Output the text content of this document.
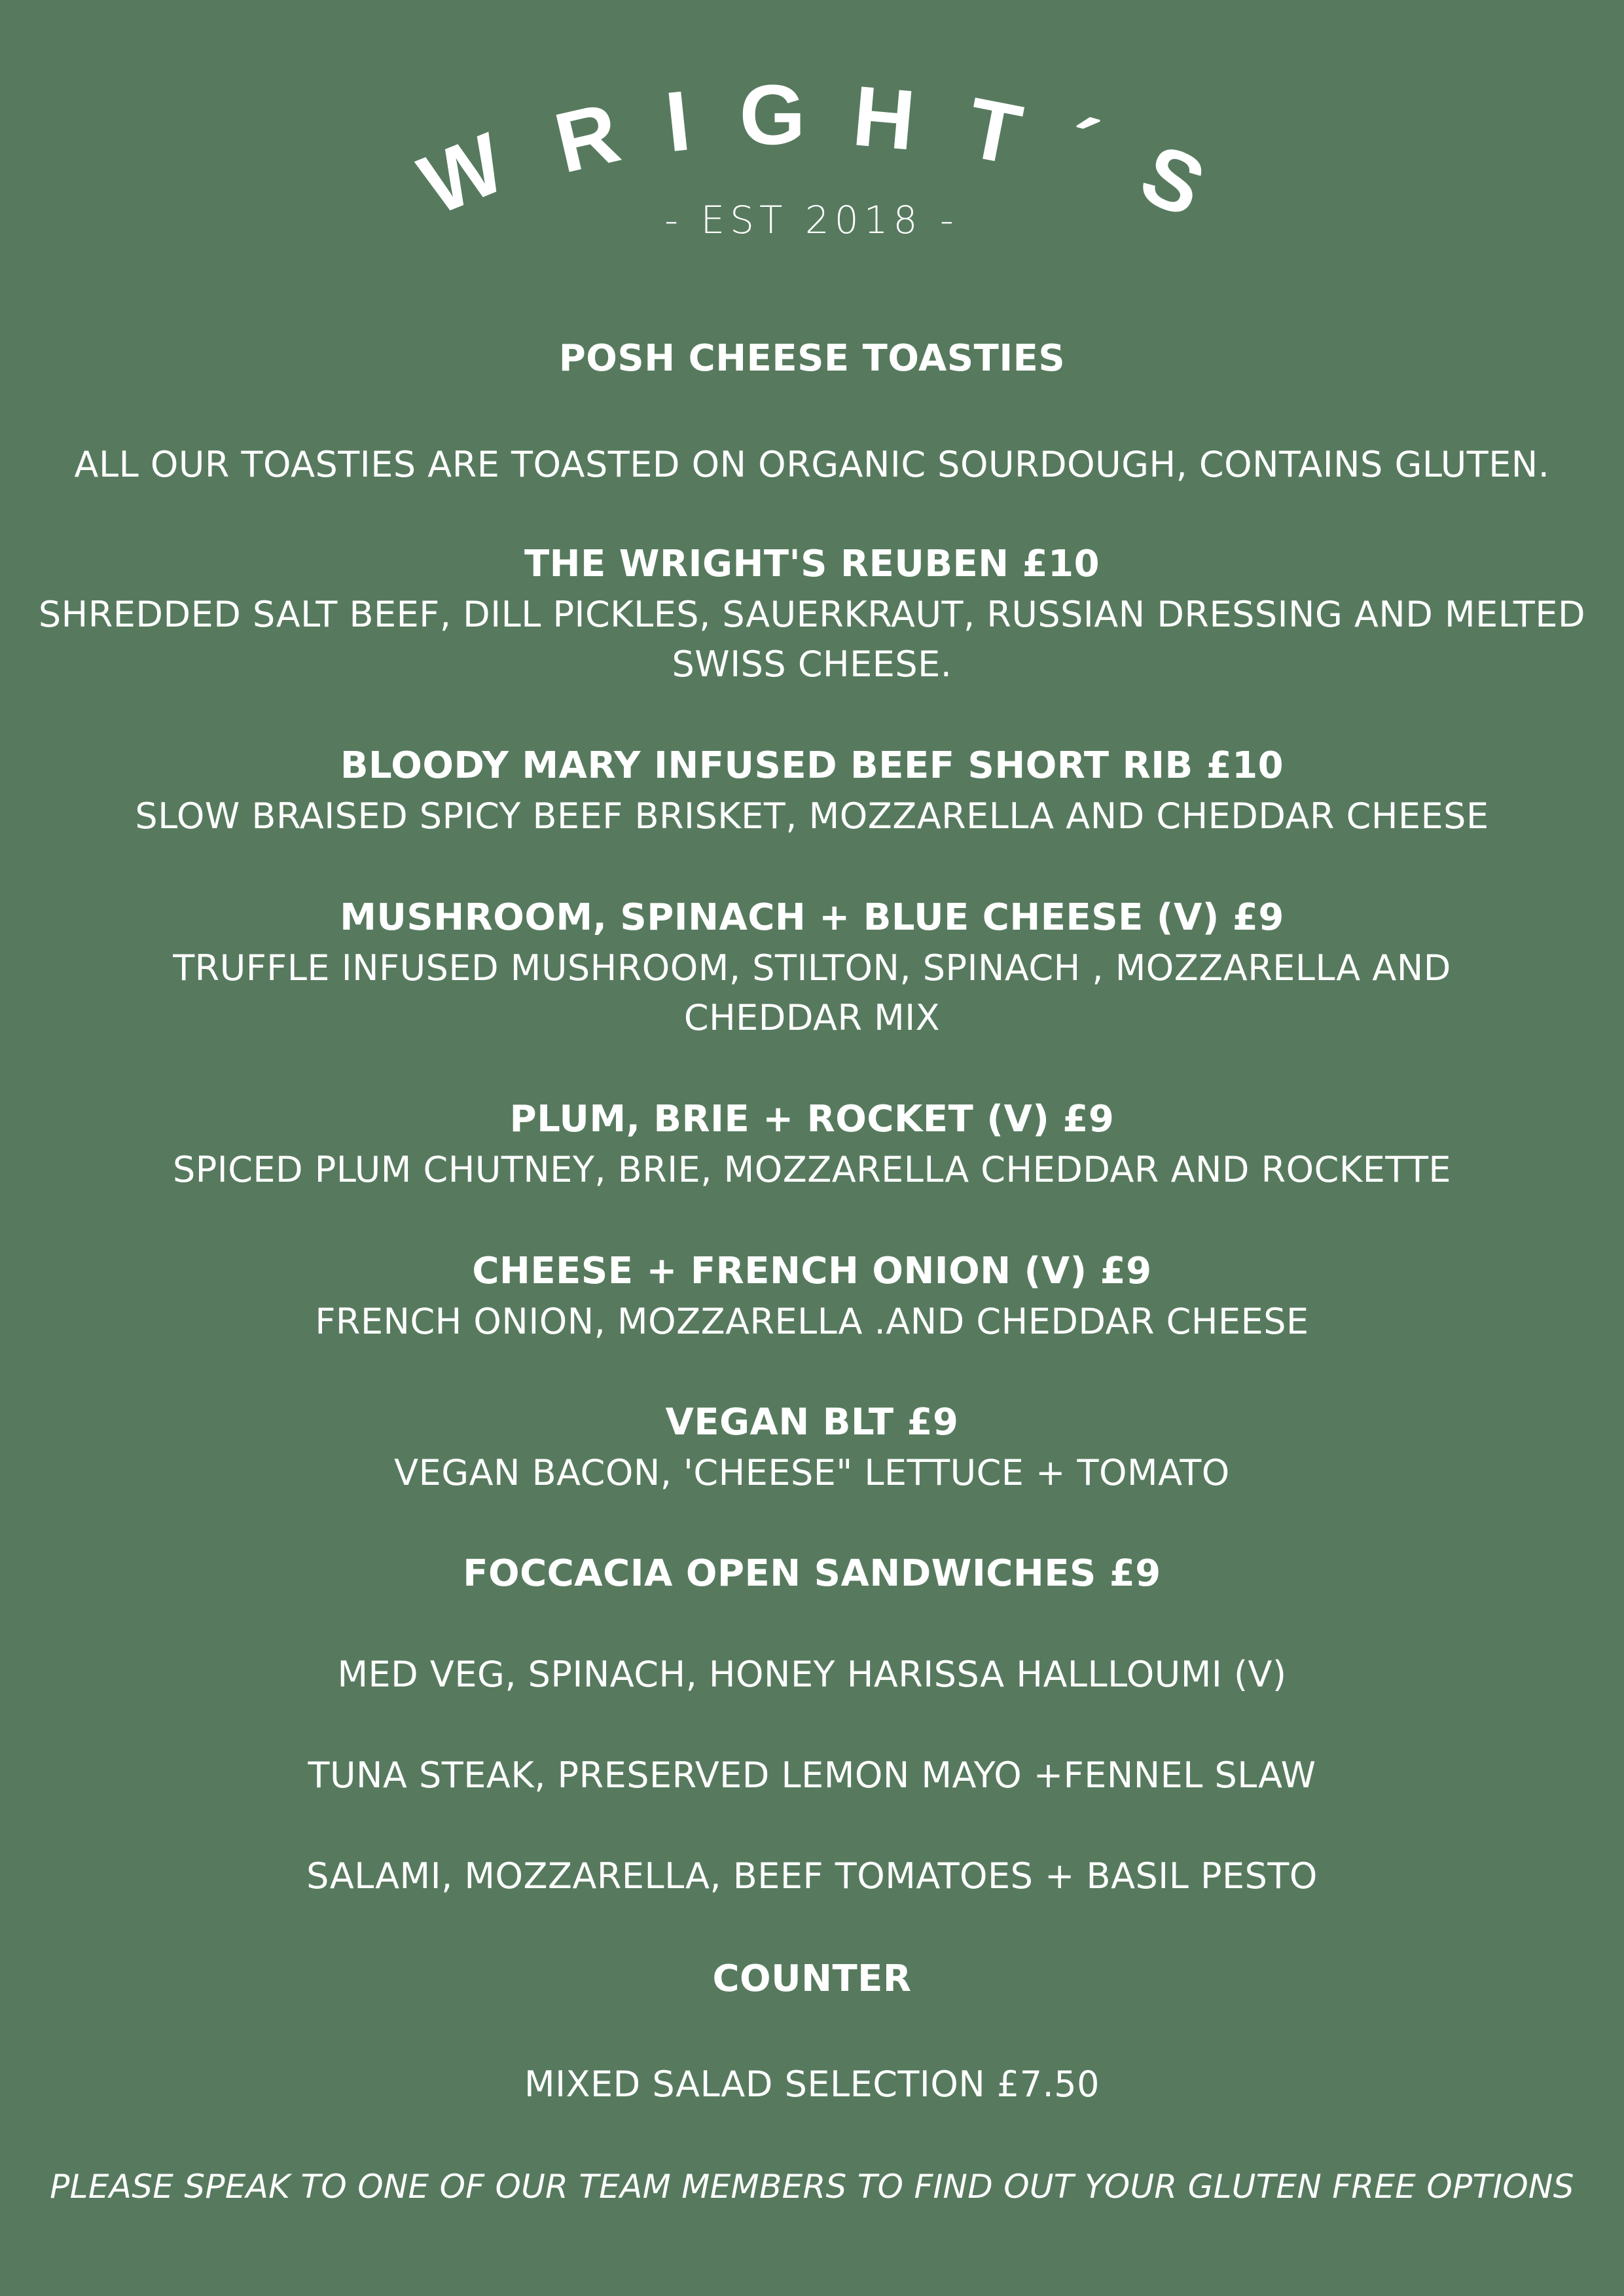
W R I G H T ´ S
- EST 2018 -
POSH CHEESE TOASTIES
ALL OUR TOASTIES ARE TOASTED ON ORGANIC SOURDOUGH, CONTAINS GLUTEN.
THE WRIGHT'S REUBEN £10
SHREDDED SALT BEEF, DILL PICKLES, SAUERKRAUT, RUSSIAN DRESSING AND MELTED
SWISS CHEESE.
BLOODY MARY INFUSED BEEF SHORT RIB £10
SLOW BRAISED SPICY BEEF BRISKET, MOZZARELLA AND CHEDDAR CHEESE
MUSHROOM, SPINACH + BLUE CHEESE (V) £9
TRUFFLE INFUSED MUSHROOM, STILTON, SPINACH , MOZZARELLA AND
CHEDDAR MIX
PLUM, BRIE + ROCKET (V) £9
SPICED PLUM CHUTNEY, BRIE, MOZZARELLA CHEDDAR AND ROCKETTE
CHEESE + FRENCH ONION (V) £9
FRENCH ONION, MOZZARELLA .AND CHEDDAR CHEESE
VEGAN BLT £9
VEGAN BACON, 'CHEESE" LETTUCE + TOMATO
FOCCACIA OPEN SANDWICHES £9
MED VEG, SPINACH, HONEY HARISSA HALLLOUMI (V)
TUNA STEAK, PRESERVED LEMON MAYO +FENNEL SLAW
SALAMI, MOZZARELLA, BEEF TOMATOES + BASIL PESTO
COUNTER
MIXED SALAD SELECTION £7.50
PLEASE SPEAK TO ONE OF OUR TEAM MEMBERS TO FIND OUT YOUR GLUTEN FREE OPTIONS
